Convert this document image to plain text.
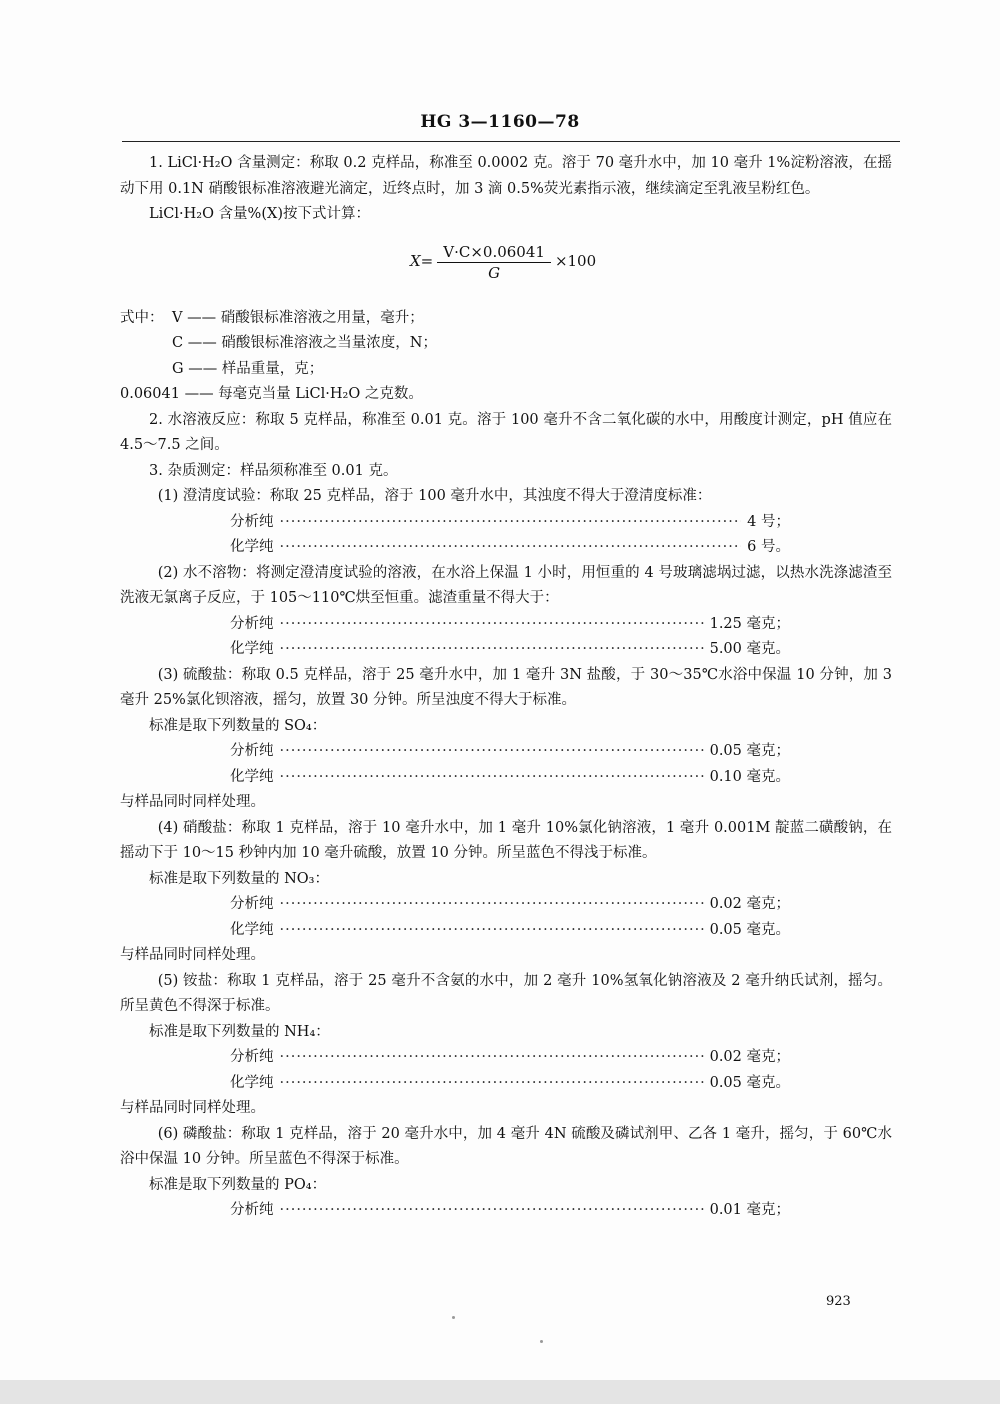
HG 3—1160—78

1. LiCl·H₂O 含量测定：称取 0.2 克样品，称准至 0.0002 克。溶于 70 毫升水中，加 10 毫升 1%淀粉溶液，在摇动下用 0.1N 硝酸银标准溶液避光滴定，近终点时，加 3 滴 0.5%荧光素指示液，继续滴定至乳液呈粉红色。

LiCl·H₂O 含量%(X)按下式计算：

$X= \frac{V\cdot C\times 0.06041}{G} \times 100$
式中： V —— 硝酸银标准溶液之用量，毫升；
C —— 硝酸银标准溶液之当量浓度，N；
G —— 样品重量，克；
0.06041 —— 每毫克当量 LiCl·H₂O 之克数。

2. 水溶液反应：称取 5 克样品，称准至 0.01 克。溶于 100 毫升不含二氧化碳的水中，用酸度计测定，pH 值应在 4.5～7.5 之间。

3. 杂质测定：样品须称准至 0.01 克。

(1) 澄清度试验：称取 25 克样品，溶于 100 毫升水中，其浊度不得大于澄清度标准：

分析纯 ·····	4 号；
化学纯 ·····	6 号。

(2) 水不溶物：将测定澄清度试验的溶液，在水浴上保温 1 小时，用恒重的 4 号玻璃滤埚过滤，以热水洗涤滤渣至洗液无氯离子反应，于 105～110℃烘至恒重。滤渣重量不得大于：

分析纯 ·····	1.25 毫克；
化学纯 ·····	5.00 毫克。

(3) 硫酸盐：称取 0.5 克样品，溶于 25 毫升水中，加 1 毫升 3N 盐酸，于 30～35℃水浴中保温 10 分钟，加 3 毫升 25%氯化钡溶液，摇匀，放置 30 分钟。所呈浊度不得大于标准。

标准是取下列数量的 SO₄：

分析纯 ·····	0.05 毫克；
化学纯 ·····	0.10 毫克。

与样品同时同样处理。

(4) 硝酸盐：称取 1 克样品，溶于 10 毫升水中，加 1 毫升 10%氯化钠溶液，1 毫升 0.001M 靛蓝二磺酸钠，在摇动下于 10～15 秒钟内加 10 毫升硫酸，放置 10 分钟。所呈蓝色不得浅于标准。

标准是取下列数量的 NO₃：

分析纯 ·····	0.02 毫克；
化学纯 ·····	0.05 毫克。

与样品同时同样处理。

(5) 铵盐：称取 1 克样品，溶于 25 毫升不含氨的水中，加 2 毫升 10%氢氧化钠溶液及 2 毫升纳氏试剂，摇匀。所呈黄色不得深于标准。

标准是取下列数量的 NH₄：

分析纯 ·····	0.02 毫克；
化学纯 ·····	0.05 毫克。

与样品同时同样处理。

(6) 磷酸盐：称取 1 克样品，溶于 20 毫升水中，加 4 毫升 4N 硫酸及磷试剂甲、乙各 1 毫升，摇匀，于 60℃水浴中保温 10 分钟。所呈蓝色不得深于标准。

标准是取下列数量的 PO₄：

分析纯 ·····	0.01 毫克；
923
